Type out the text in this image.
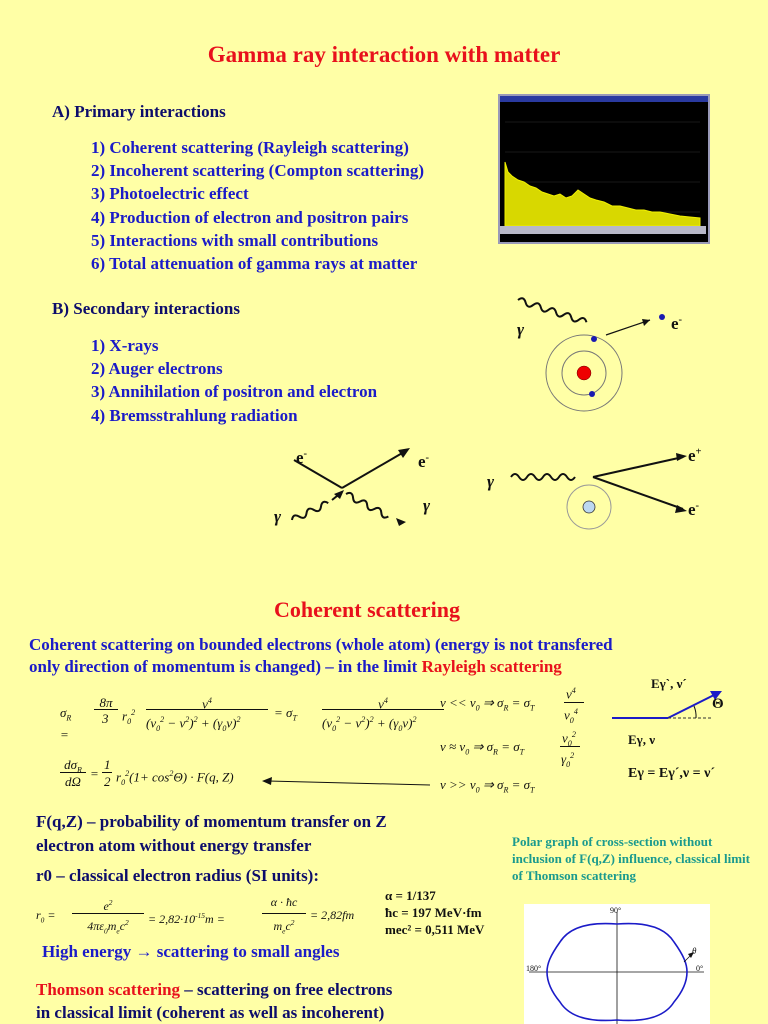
Gamma ray interaction with matter
A) Primary interactions
1) Coherent scattering (Rayleigh scattering)
2) Incoherent scattering (Compton scattering)
3) Photoelectric effect
4) Production of electron and positron pairs
5) Interactions with small contributions
6) Total attenuation of gamma rays at matter
B) Secondary interactions
1) X-rays
2) Auger electrons
3) Annihilation of positron and electron
4) Bremsstrahlung radiation
γ	e-
e-	e-
γ
γ
γ
e+
e-
Coherent scattering
Coherent scattering on bounded electrons (whole atom) (energy is not transfered
only direction of momentum is changed) – in the limit Rayleigh scattering
$\sigma_R$ =
8π
3 $r_0^2$
$\nu^4$
$(\nu_0^2 - \nu^2)^2 + (\gamma_0\nu)^2$	= $\sigma_T$
$\nu^4$
$(\nu_0^2 - \nu^2)^2 + (\gamma_0\nu)^2$
$d\sigma_R$
dΩ
=
1
2 $r_0^2(1+ \cos^2\Theta) \cdot F(q$, Z)
$\nu << \nu_0$ ⇒ $\sigma_R = \sigma_T$
$\nu^4$
$\nu_0^4$
$\nu \approx \nu_0$ ⇒ $\sigma_R = \sigma_T$
$\nu_0^2$
$\gamma_0^2$
$\nu >> \nu_0$ ⇒ $\sigma_R = \sigma_T$
Eγ`, ν´
Θ
Eγ, ν
Eγ = Eγ´,ν = ν´
F(q,Z) – probability of momentum transfer on Z
electron atom without energy transfer	Polar graph of cross-section without inclusion of F(q,Z) influence, classical limit of Thomson scattering
r0 – classical electron radius (SI units):
$r_0$ =
$e^2$
$4\pi\varepsilon_0m_ec^2$	= $2,82\cdot 10^{-15}m$ =
α · ħc
$m_ec^2$
= 2,82fm
α = 1/137
ħc = 197 MeV·fm
mec² = 0,511 MeV
High energy → scattering to small angles
Thomson scattering – scattering on free electrons
in classical limit (coherent as well as incoherent)
90°
180°	0°
θ
